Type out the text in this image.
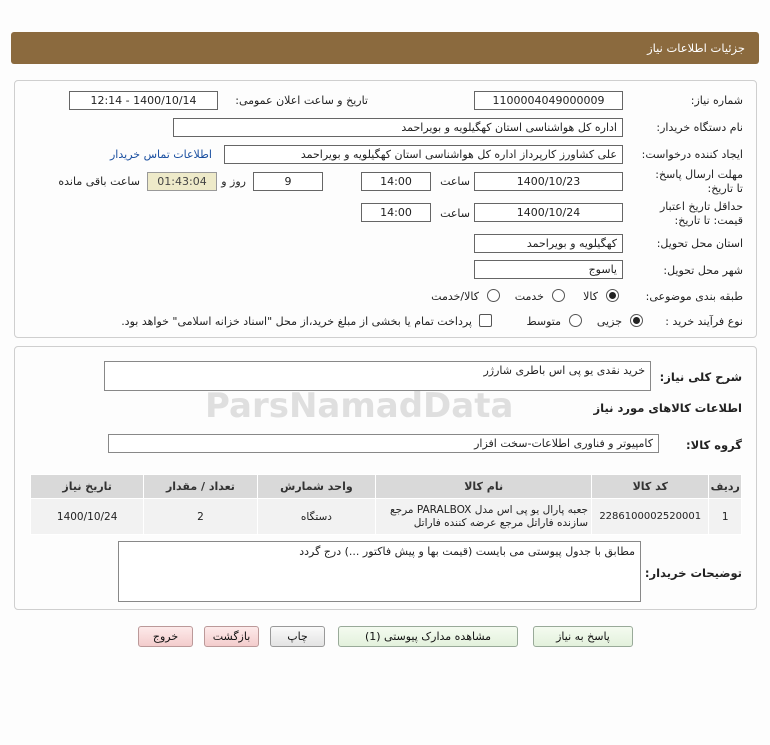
جزئیات اطلاعات نیاز
شماره نیاز:
1100004049000009
تاریخ و ساعت اعلان عمومی:
1400/10/14 - 12:14
نام دستگاه خریدار:
اداره کل هواشناسی استان کهگیلویه و بویراحمد
ایجاد کننده درخواست:
علی کشاورز کارپرداز اداره کل هواشناسی استان کهگیلویه و بویراحمد
اطلاعات تماس خریدار
مهلت ارسال پاسخ: تا تاریخ:
1400/10/23
ساعت
14:00
9
روز و
01:43:04
ساعت باقی مانده
حداقل تاریخ اعتبار قیمت: تا تاریخ:
1400/10/24
ساعت
14:00
استان محل تحویل:
کهگیلویه و بویراحمد
شهر محل تحویل:
یاسوج
طبقه بندی موضوعی:
کالا
خدمت
کالا/خدمت
نوع فرآیند خرید :
جزیی
متوسط
پرداخت تمام یا بخشی از مبلغ خرید،از محل "اسناد خزانه اسلامی" خواهد بود.
شرح کلی نیاز:
خرید نقدی یو پی اس باطری شارژر
اطلاعات کالاهای مورد نیاز
گروه کالا:
کامپیوتر و فناوری اطلاعات-سخت افزار
ردیف	کد کالا	نام کالا	واحد شمارش	تعداد / مقدار	تاریخ نیاز
1	2286100002520001	جعبه پارال یو پی اس مدل PARALBOX مرجع سازنده فاراتل مرجع عرضه کننده فاراتل	دستگاه	2	1400/10/24
توضیحات خریدار:
مطابق با جدول پیوستی می بایست (قیمت بها و پیش فاکتور ...) درج گردد
ParsNamadData
پاسخ به نیاز
مشاهده مدارک پیوستی (1)
چاپ
بازگشت
خروج
